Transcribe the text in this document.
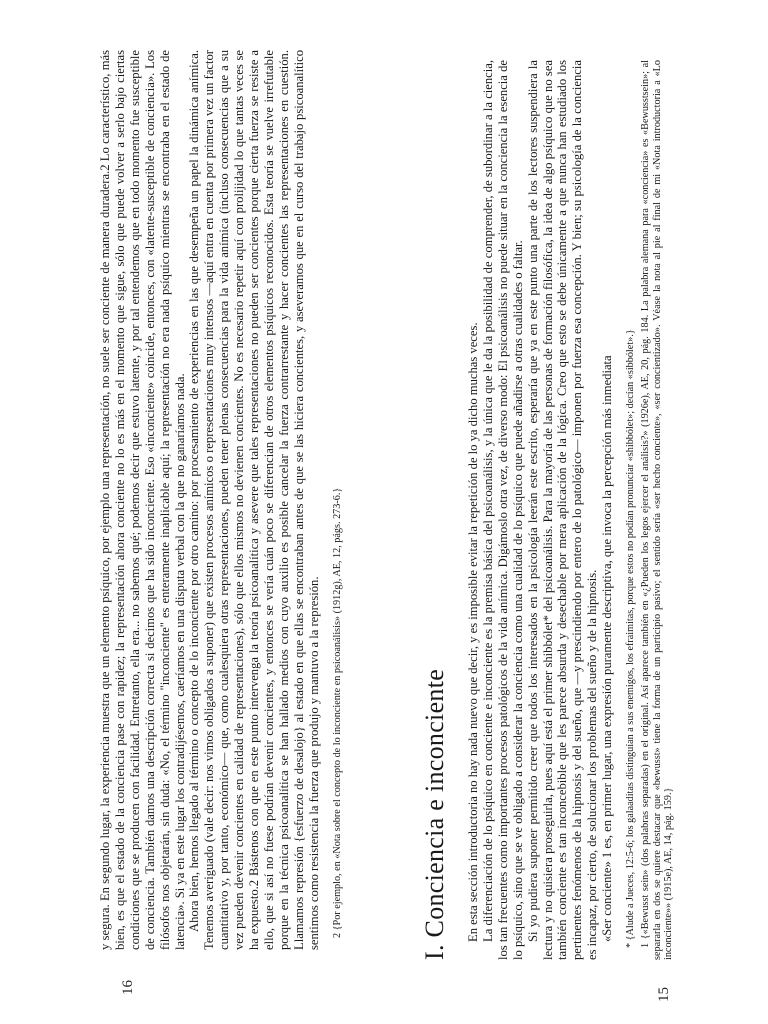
y segura. En segundo lugar, la experiencia muestra que un elemento psíquico, por ejemplo una representación, no suele ser conciente de manera duradera.2 Lo característico, más bien, es que el estado de la conciencia pase con rapidez; la representación ahora conciente no lo es más en el momento que sigue, sólo que puede volver a serlo bajo ciertas condiciones que se producen con facilidad. Entretanto, ella era... no sabemos qué; podemos decir que estuvo latente, y por tal entendemos que en todo momento fue susceptible de conciencia. También damos una descripción correcta si decimos que ha sido inconciente. Eso «inconciente» coincide, entonces, con «latente-susceptible de conciencia». Los filósofos nos objetarán, sin duda: «No, el término "inconciente" es enteramente inaplicable aquí; la representación no era nada psíquico mientras se encontraba en el estado de latencia». Si ya en este lugar los contradijésemos, caeríamos en una disputa verbal con la que no ganaríamos nada. Ahora bien, hemos llegado al término o concepto de lo inconciente por otro camino: por procesamiento de experiencias en las que desempeña un papel la dinámica anímica. Tenemos averiguado (vale decir: nos vimos obligados a suponer) que existen procesos anímicos o representaciones muy intensos —aquí entra en cuenta por primera vez un factor cuantitativo y, por tanto, económico— que, como cualesquiera otras representaciones, pueden tener plenas consecuencias para la vida anímica (incluso consecuencias que a su vez pueden devenir concientes en calidad de representaciones), sólo que ellos mismos no devienen concientes. No es necesario repetir aquí con prolijidad lo que tantas veces se ha expuesto.2 Bástenos con que en este punto intervenga la teoría psicoanalítica y asevere que tales representaciones no pueden ser concientes porque cierta fuerza se resiste a ello, que si así no fuese podrían devenir concientes, y entonces se vería cuán poco se diferencian de otros elementos psíquicos reconocidos. Esta teoría se vuelve irrefutable porque en la técnica psicoanalítica se han hallado medios con cuyo auxilio es posible cancelar la fuerza contrarrestante y hacer concientes las representaciones en cuestión. Llamamos represión {esfuerzo de desalojo} al estado en que ellas se encontraban antes de que se las hiciera concientes, y aseveramos que en el curso del trabajo psicoanalítico sentimos como resistencia la fuerza que produjo y mantuvo a la represión. 2 {Por ejemplo, en «Nota sobre el concepto de lo inconciente en psicoanálisis» (1912g), AE, 12, págs. 273-6.}

16
I. Conciencia e inconciente En esta sección introductoria no hay nada nuevo que decir, y es imposible evitar la repetición de lo ya dicho muchas veces. La diferenciación de lo psíquico en conciente e inconciente es la premisa básica del psicoanálisis, y la única que le da la posibilidad de comprender, de subordinar a la ciencia, los tan frecuentes como importantes procesos patológicos de la vida anímica. Digámoslo otra vez, de diverso modo: El psicoanálisis no puede situar en la conciencia la esencia de lo psíquico, sino que se ve obligado a considerar la conciencia como una cualidad de lo psíquico que puede añadirse a otras cualidades o faltar. Si yo pudiera suponer permitido creer que todos los interesados en la psicología leerán este escrito, esperaría que ya en este punto una parte de los lectores suspendiera la lectura y no quisiera proseguirla, pues aquí está el primer shibbólet* del psicoanálisis. Para la mayoría de las personas de formación filosófica, la idea de algo psíquico que no sea también conciente es tan inconcebible que les parece absurda y desechable por mera aplicación de la lógica. Creo que esto se debe únicamente a que nunca han estudiado los pertinentes fenómenos de la hipnosis y del sueño, que —y prescindiendo por entero de lo patológico— imponen por fuerza esa concepción. Y bien; su psicología de la conciencia es incapaz, por cierto, de solucionar los problemas del sueño y de la hipnosis. «Ser conciente» 1 es, en primer lugar, una expresión puramente descriptiva, que invoca la percepción más inmediata * {Alude a Jueces, 12:5-6; los galaaditas distinguían a sus enemigos, los efraimitas, porque estos no podían pronunciar «shibbólet»; decían «sibbólet».} 1 {«Bewusst sein» (dos palabras separadas) en el original. Así aparece también en «¿Pueden los legos ejercer el análisis?» (1926e), AE, 20, pág. 184. La palabra alemana para «conciencia» es «Bewusstsein»; al separarla en dos se quiere destacar que «bewusst» tiene la forma de un participio pasivo; el sentido sería «ser hecho conciente», «ser concientizado». Véase la nota al pie al final de mi «Nota introductoria a «Lo inconciente»» (1915e), AE, 14, pág. 159.}

15
